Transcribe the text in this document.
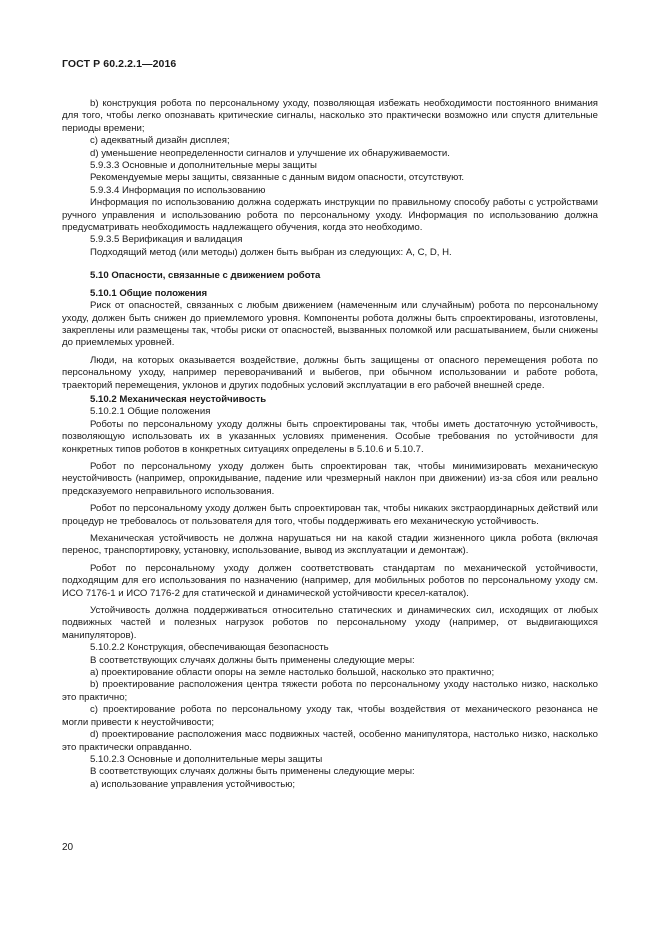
ГОСТ Р 60.2.2.1—2016

b) конструкция робота по персональному уходу, позволяющая избежать необходимости постоянного внимания для того, чтобы легко опознавать критические сигналы, насколько это практически возможно или спустя длительные периоды времени;

c) адекватный дизайн дисплея;

d) уменьшение неопределенности сигналов и улучшение их обнаруживаемости.

5.9.3.3 Основные и дополнительные меры защиты

Рекомендуемые меры защиты, связанные с данным видом опасности, отсутствуют.

5.9.3.4 Информация по использованию

Информация по использованию должна содержать инструкции по правильному способу работы с устройствами ручного управления и использованию робота по персональному уходу. Информация по использованию должна предусматривать необходимость надлежащего обучения, когда это необходимо.

5.9.3.5 Верификация и валидация

Подходящий метод (или методы) должен быть выбран из следующих: A, C, D, H.

5.10 Опасности, связанные с движением робота
5.10.1 Общие положения

Риск от опасностей, связанных с любым движением (намеченным или случайным) робота по персональному уходу, должен быть снижен до приемлемого уровня. Компоненты робота должны быть спроектированы, изготовлены, закреплены или размещены так, чтобы риски от опасностей, вызванных поломкой или расшатыванием, были снижены до приемлемых уровней.

Люди, на которых оказывается воздействие, должны быть защищены от опасного перемещения робота по персональному уходу, например переворачиваний и выбегов, при обычном использовании и работе робота, траекторий перемещения, уклонов и других подобных условий эксплуатации в его рабочей внешней среде.

5.10.2 Механическая неустойчивость

5.10.2.1 Общие положения

Роботы по персональному уходу должны быть спроектированы так, чтобы иметь достаточную устойчивость, позволяющую использовать их в указанных условиях применения. Особые требования по устойчивости для конкретных типов роботов в конкретных ситуациях определены в 5.10.6 и 5.10.7.

Робот по персональному уходу должен быть спроектирован так, чтобы минимизировать механическую неустойчивость (например, опрокидывание, падение или чрезмерный наклон при движении) из-за сбоя или реально предсказуемого неправильного использования.

Робот по персональному уходу должен быть спроектирован так, чтобы никаких экстраординарных действий или процедур не требовалось от пользователя для того, чтобы поддерживать его механическую устойчивость.

Механическая устойчивость не должна нарушаться ни на какой стадии жизненного цикла робота (включая перенос, транспортировку, установку, использование, вывод из эксплуатации и демонтаж).

Робот по персональному уходу должен соответствовать стандартам по механической устойчивости, подходящим для его использования по назначению (например, для мобильных роботов по персональному уходу см. ИСО 7176-1 и ИСО 7176-2 для статической и динамической устойчивости кресел-каталок).

Устойчивость должна поддерживаться относительно статических и динамических сил, исходящих от любых подвижных частей и полезных нагрузок роботов по персональному уходу (например, от выдвигающихся манипуляторов).

5.10.2.2 Конструкция, обеспечивающая безопасность

В соответствующих случаях должны быть применены следующие меры:

a) проектирование области опоры на земле настолько большой, насколько это практично;

b) проектирование расположения центра тяжести робота по персональному уходу настолько низко, насколько это практично;

c) проектирование робота по персональному уходу так, чтобы воздействия от механического резонанса не могли привести к неустойчивости;

d) проектирование расположения масс подвижных частей, особенно манипулятора, настолько низко, насколько это практически оправданно.

5.10.2.3 Основные и дополнительные меры защиты

В соответствующих случаях должны быть применены следующие меры:

а) использование управления устойчивостью;

20
